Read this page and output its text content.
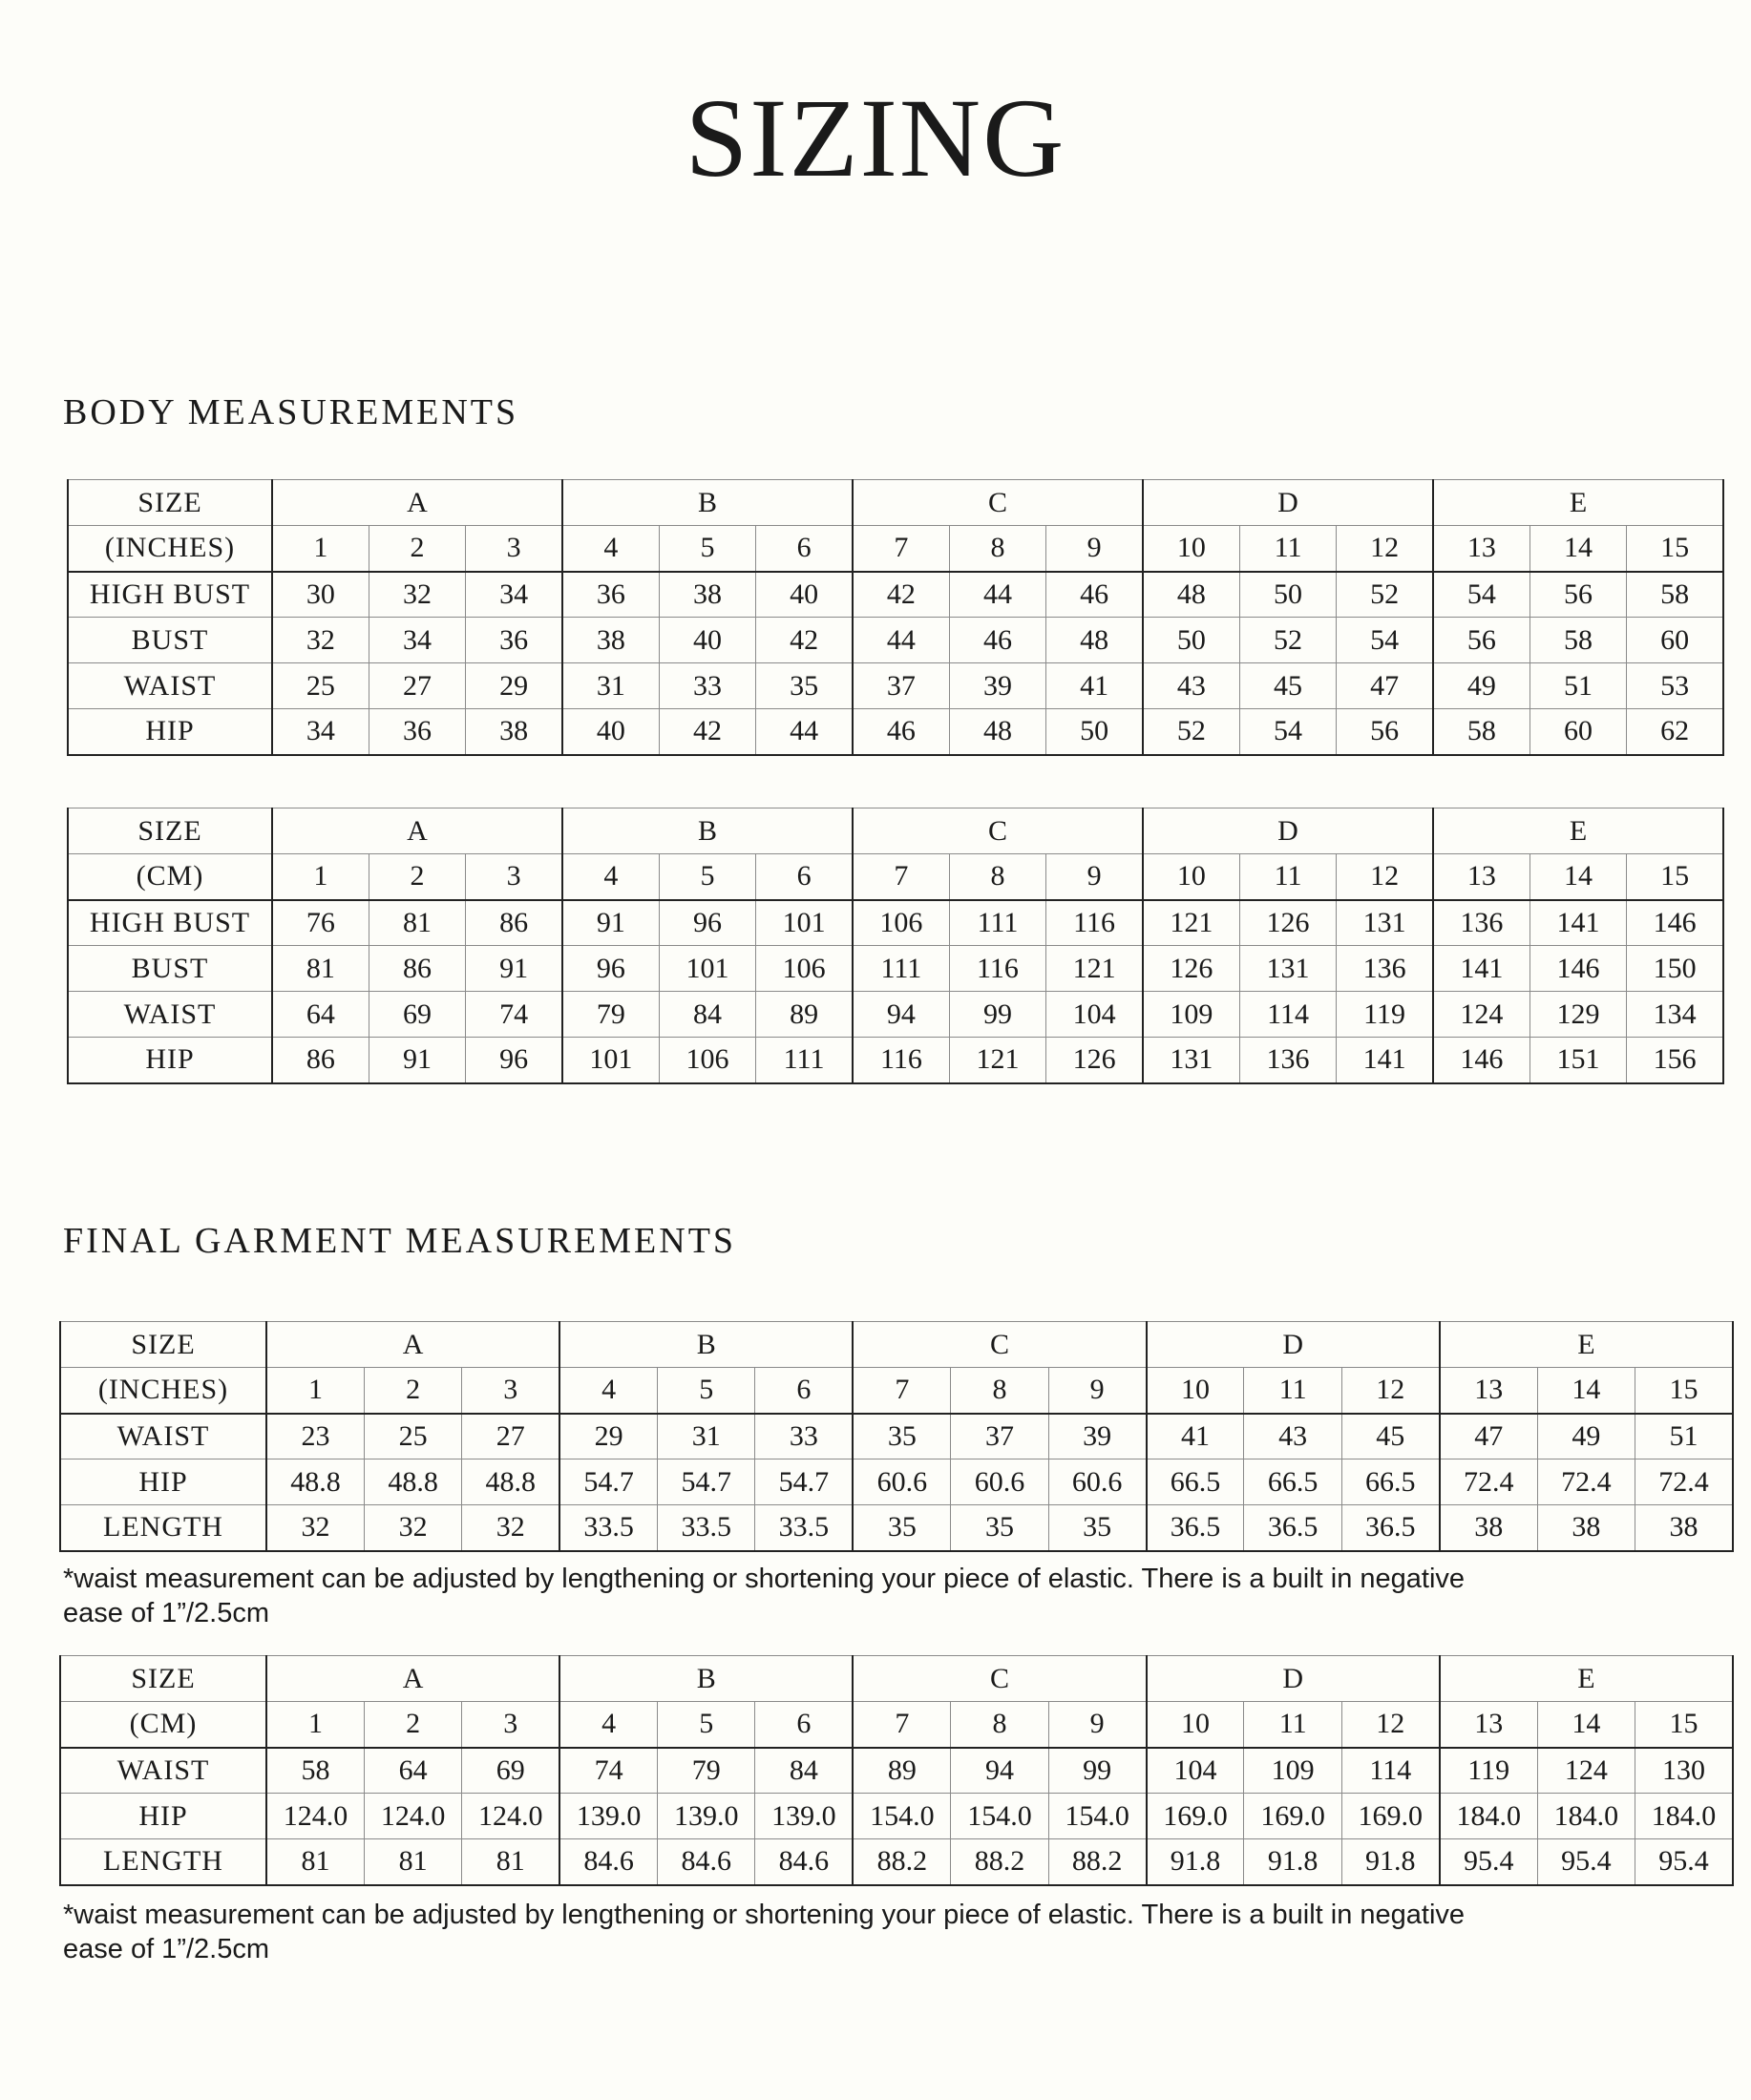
SIZING
BODY MEASUREMENTS
SIZE	A			B			C			D			E		
(INCHES)	1	2	3	4	5	6	7	8	9	10	11	12	13	14	15
HIGH BUST	30	32	34	36	38	40	42	44	46	48	50	52	54	56	58
BUST	32	34	36	38	40	42	44	46	48	50	52	54	56	58	60
WAIST	25	27	29	31	33	35	37	39	41	43	45	47	49	51	53
HIP	34	36	38	40	42	44	46	48	50	52	54	56	58	60	62
SIZE	A			B			C			D			E		
(CM)	1	2	3	4	5	6	7	8	9	10	11	12	13	14	15
HIGH BUST	76	81	86	91	96	101	106	111	116	121	126	131	136	141	146
BUST	81	86	91	96	101	106	111	116	121	126	131	136	141	146	150
WAIST	64	69	74	79	84	89	94	99	104	109	114	119	124	129	134
HIP	86	91	96	101	106	111	116	121	126	131	136	141	146	151	156
FINAL GARMENT MEASUREMENTS
SIZE	A			B			C			D			E		
(INCHES)	1	2	3	4	5	6	7	8	9	10	11	12	13	14	15
WAIST	23	25	27	29	31	33	35	37	39	41	43	45	47	49	51
HIP	48.8	48.8	48.8	54.7	54.7	54.7	60.6	60.6	60.6	66.5	66.5	66.5	72.4	72.4	72.4
LENGTH	32	32	32	33.5	33.5	33.5	35	35	35	36.5	36.5	36.5	38	38	38

*waist measurement can be adjusted by lengthening or shortening your piece of elastic. There is a built in negative ease of 1”/2.5cm

SIZE	A			B			C			D			E		
(CM)	1	2	3	4	5	6	7	8	9	10	11	12	13	14	15
WAIST	58	64	69	74	79	84	89	94	99	104	109	114	119	124	130
HIP	124.0	124.0	124.0	139.0	139.0	139.0	154.0	154.0	154.0	169.0	169.0	169.0	184.0	184.0	184.0
LENGTH	81	81	81	84.6	84.6	84.6	88.2	88.2	88.2	91.8	91.8	91.8	95.4	95.4	95.4

*waist measurement can be adjusted by lengthening or shortening your piece of elastic. There is a built in negative ease of 1”/2.5cm
